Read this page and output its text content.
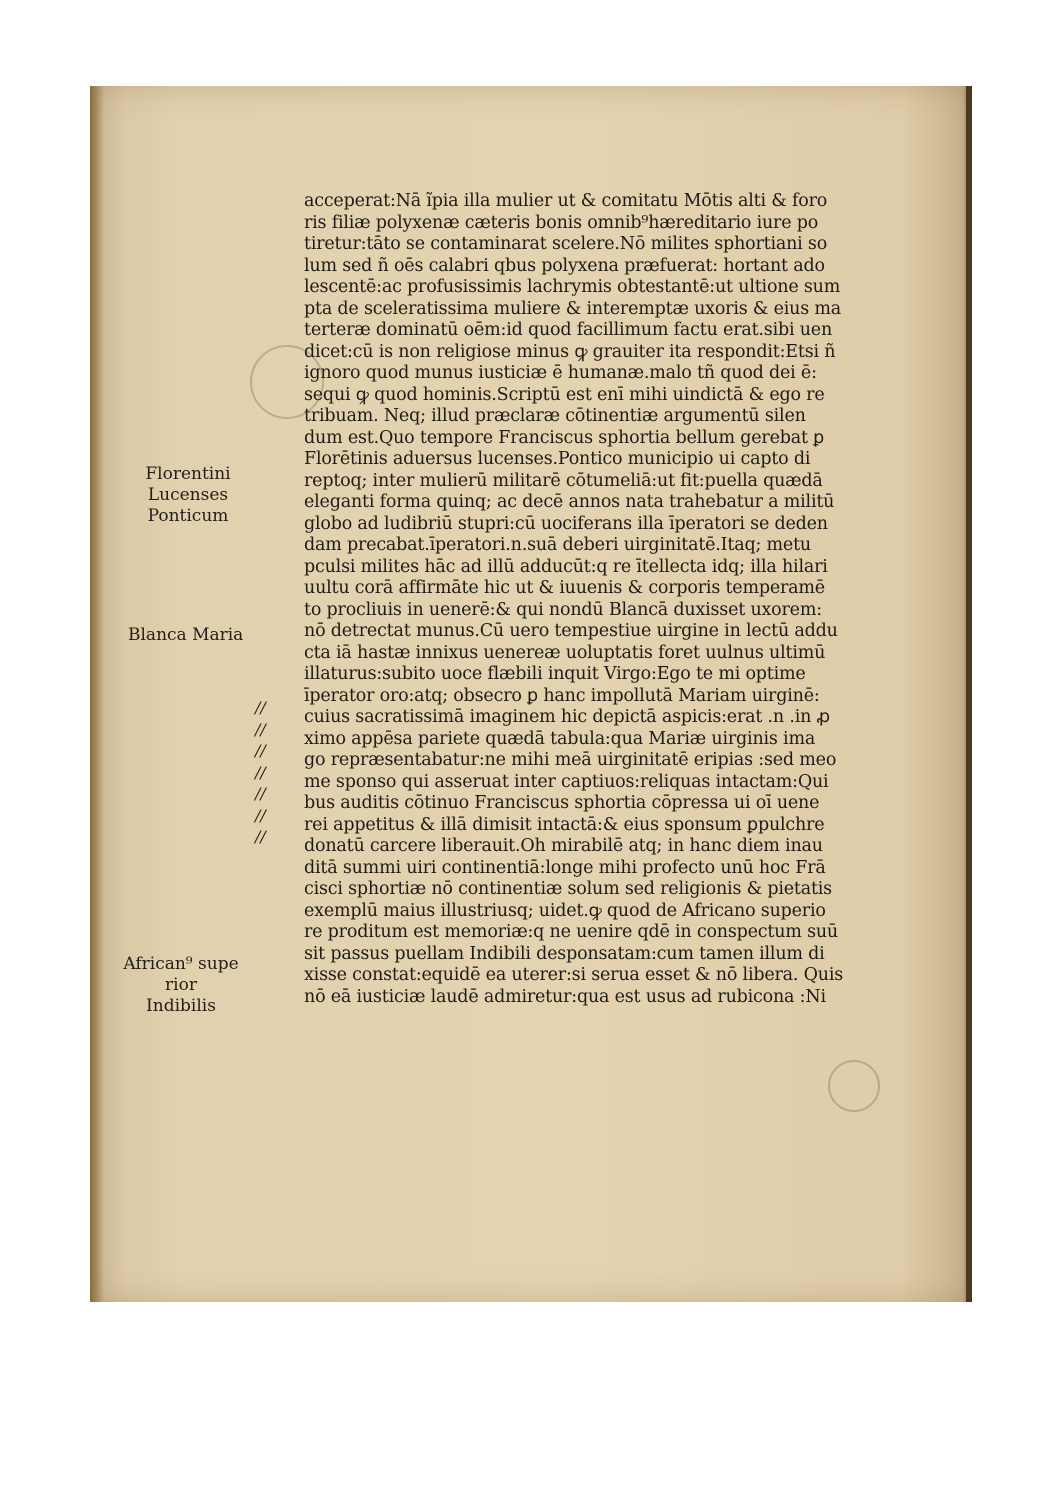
acceperat:Nā ĩpia illa mulier ut & comitatu Mōtis alti & foro
ris filiæ polyxenæ cæteris bonis omnib⁹hæreditario iure po
tiretur:tāto se contaminarat scelere.Nō milites sphortiani so
lum sed ñ oēs calabri qbus polyxena præfuerat: hortant ado
lescentē:ac profusissimis lachrymis obtestantē:ut ultione sum
pta de sceleratissima muliere & interemptæ uxoris & eius ma
terteræ dominatū oēm:id quod facillimum factu erat.sibi uen
dicet:cū is non religiose minus ꝙ grauiter ita respondit:Etsi ñ
ignoro quod munus iusticiæ ē humanæ.malo tñ quod dei ē:
sequi ꝙ quod hominis.Scriptū est enī mihi uindictā & ego re
tribuam. Neq; illud præclaræ cōtinentiæ argumentū silen
dum est.Quo tempore Franciscus sphortia bellum gerebat ꝑ
Florētinis aduersus lucenses.Pontico municipio ui capto di
reptoq; inter mulierū militarē cōtumeliā:ut fit:puella quædā
eleganti forma quinq; ac decē annos nata trahebatur a militū
globo ad ludibriū stupri:cū uociferans illa īperatori se deden
dam precabat.īperatori.n.suā deberi uirginitatē.Itaq; metu
pculsi milites hāc ad illū adducūt:q re ītellecta idq; illa hilari
uultu corā affirmāte hic ut & iuuenis & corporis temperamē
to procliuis in uenerē:& qui nondū Blancā duxisset uxorem:
nō detrectat munus.Cū uero tempestiue uirgine in lectū addu
cta iā hastæ innixus uenereæ uoluptatis foret uulnus ultimū
illaturus:subito uoce flæbili inquit Virgo:Ego te mi optime
īperator oro:atq; obsecro ꝑ hanc impollutā Mariam uirginē:
cuius sacratissimā imaginem hic depictā aspicis:erat .n .in ꝓ
ximo appēsa pariete quædā tabula:qua Mariæ uirginis ima
go repræsentabatur:ne mihi meā uirginitatē eripias :sed meo
me sponso qui asseruat inter captiuos:reliquas intactam:Qui
bus auditis cōtinuo Franciscus sphortia cōpressa ui oī uene
rei appetitus & illā dimisit intactā:& eius sponsum ꝑpulchre
donatū carcere liberauit.Oh mirabilē atq; in hanc diem inau
ditā summi uiri continentiā:longe mihi profecto unū hoc Frā
cisci sphortiæ nō continentiæ solum sed religionis & pietatis
exemplū maius illustriusq; uidet.ꝙ quod de Africano superio
re proditum est memoriæ:q ne uenire qdē in conspectum suū
sit passus puellam Indibili desponsatam:cum tamen illum di
xisse constat:equidē ea uterer:si serua esset & nō libera. Quis
nō eā iusticiæ laudē admiretur:qua est usus ad rubicona :Ni
//
//
//
//
//
//
//
Florentini
Lucenses
Ponticum
Blanca Maria
African⁹ supe
rior
Indibilis
